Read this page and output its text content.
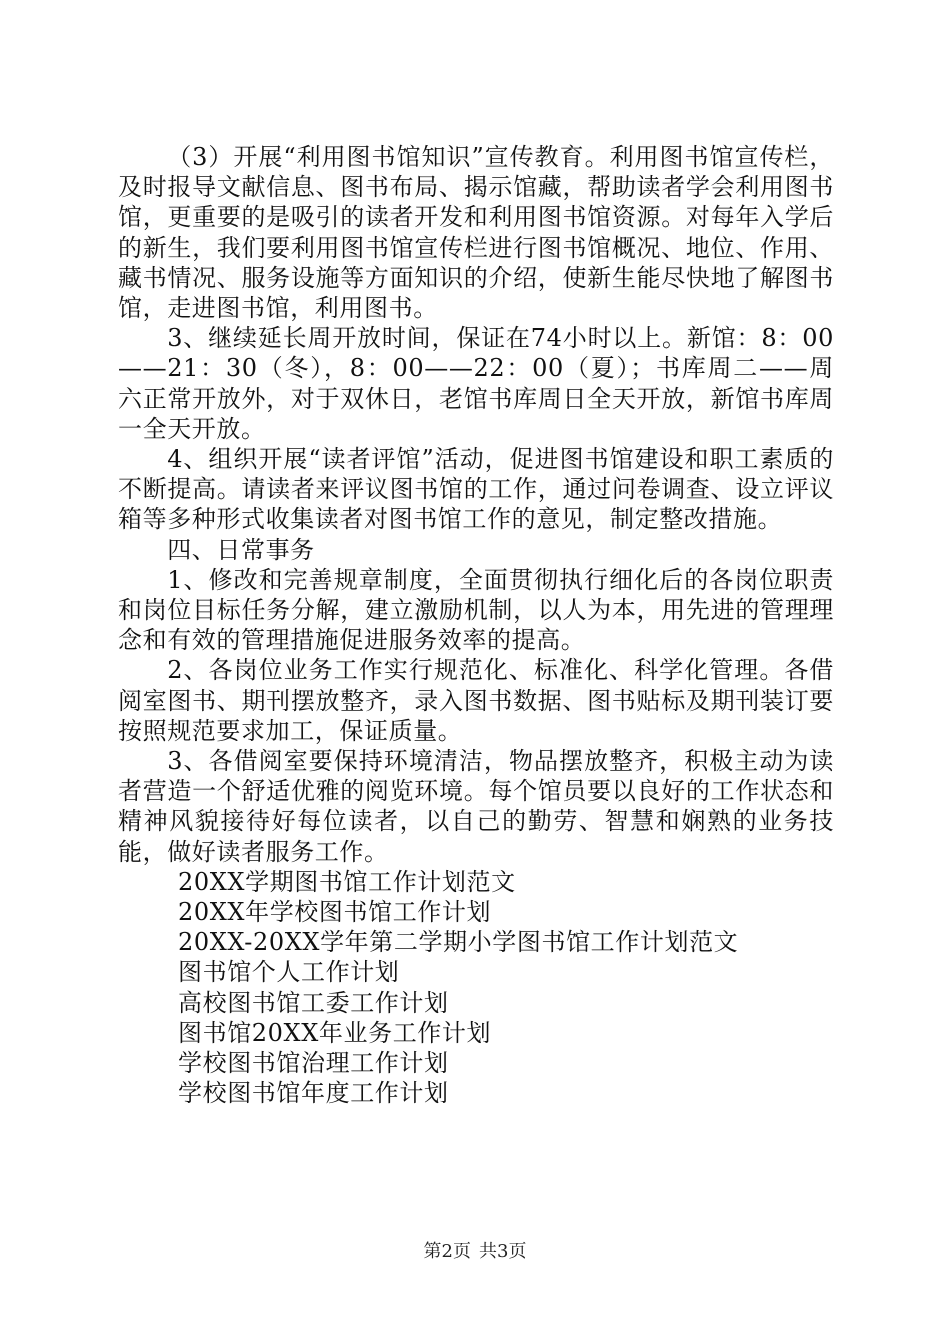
（3）开展“利用图书馆知识”宣传教育。利用图书馆宣传栏，及时报导文献信息、图书布局、揭示馆藏，帮助读者学会利用图书馆，更重要的是吸引的读者开发和利用图书馆资源。对每年入学后的新生，我们要利用图书馆宣传栏进行图书馆概况、地位、作用、藏书情况、服务设施等方面知识的介绍，使新生能尽快地了解图书馆，走进图书馆，利用图书。

3、继续延长周开放时间，保证在74小时以上。新馆：8：00——21：30（冬），8：00——22：00（夏）；书库周二——周六正常开放外，对于双休日，老馆书库周日全天开放，新馆书库周一全天开放。

4、组织开展“读者评馆”活动，促进图书馆建设和职工素质的不断提高。请读者来评议图书馆的工作，通过问卷调查、设立评议箱等多种形式收集读者对图书馆工作的意见，制定整改措施。

四、日常事务

1、修改和完善规章制度，全面贯彻执行细化后的各岗位职责和岗位目标任务分解，建立激励机制，以人为本，用先进的管理理念和有效的管理措施促进服务效率的提高。

2、各岗位业务工作实行规范化、标准化、科学化管理。各借阅室图书、期刊摆放整齐，录入图书数据、图书贴标及期刊装订要按照规范要求加工，保证质量。

3、各借阅室要保持环境清洁，物品摆放整齐，积极主动为读者营造一个舒适优雅的阅览环境。每个馆员要以良好的工作状态和精神风貌接待好每位读者，以自己的勤劳、智慧和娴熟的业务技能，做好读者服务工作。

20XX学期图书馆工作计划范文
20XX年学校图书馆工作计划
20XX-20XX学年第二学期小学图书馆工作计划范文
图书馆个人工作计划
高校图书馆工委工作计划
图书馆20XX年业务工作计划
学校图书馆治理工作计划
学校图书馆年度工作计划
第2页 共3页
